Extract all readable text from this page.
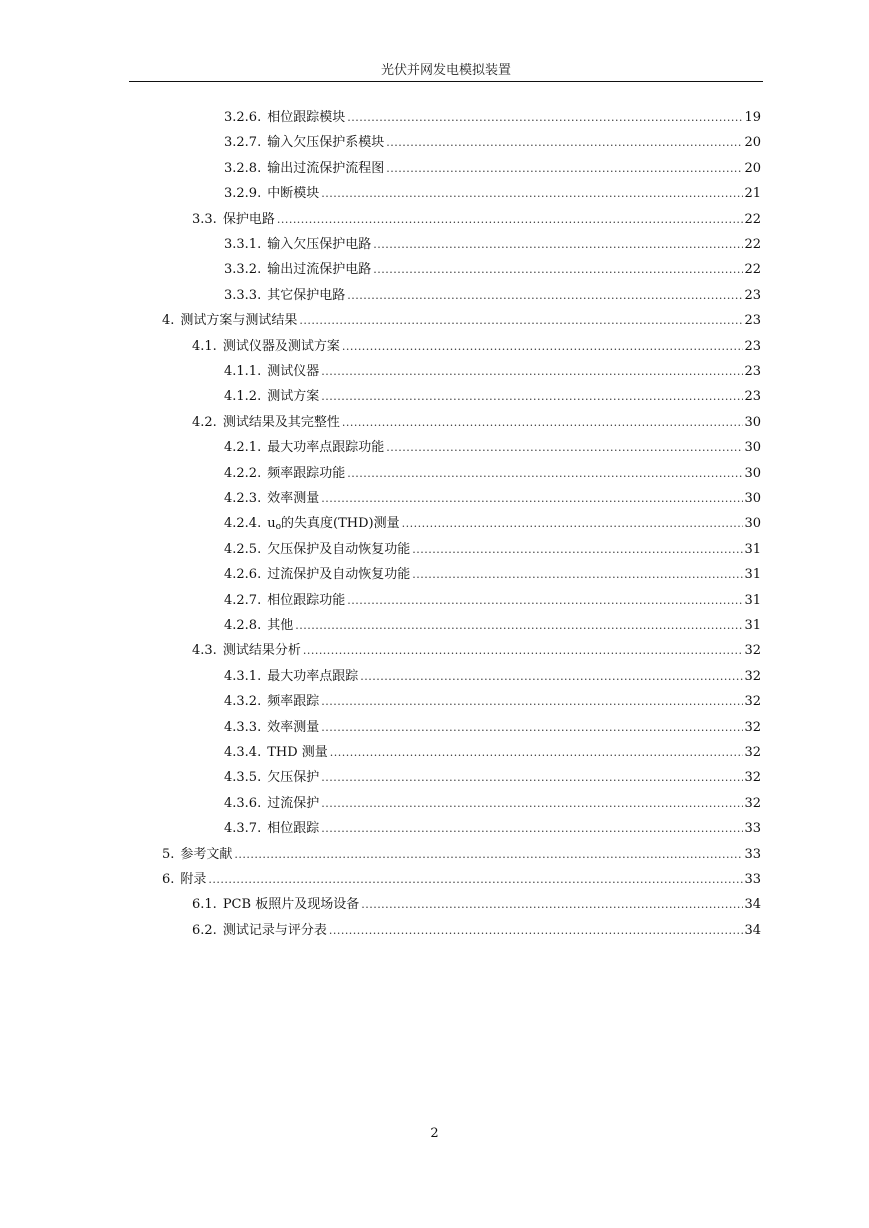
光伏并网发电模拟装置
3.2.6. 相位跟踪模块 .....	19
3.2.7. 输入欠压保护系模块 .....	20
3.2.8. 输出过流保护流程图 .....	20
3.2.9. 中断模块 .....	21
3.3. 保护电路 .....	22
3.3.1. 输入欠压保护电路 .....	22
3.3.2. 输出过流保护电路 .....	22
3.3.3. 其它保护电路 .....	23
4. 测试方案与测试结果 .....	23
4.1. 测试仪器及测试方案 .....	23
4.1.1. 测试仪器 .....	23
4.1.2. 测试方案 .....	23
4.2. 测试结果及其完整性 .....	30
4.2.1. 最大功率点跟踪功能 .....	30
4.2.2. 频率跟踪功能 .....	30
4.2.3. 效率测量 .....	30
4.2.4. $u_o$的失真度(THD)测量 .....	30
4.2.5. 欠压保护及自动恢复功能 .....	31
4.2.6. 过流保护及自动恢复功能 .....	31
4.2.7. 相位跟踪功能 .....	31
4.2.8. 其他 .....	31
4.3. 测试结果分析 .....	32
4.3.1. 最大功率点跟踪 .....	32
4.3.2. 频率跟踪 .....	32
4.3.3. 效率测量 .....	32
4.3.4. THD 测量 .....	32
4.3.5. 欠压保护 .....	32
4.3.6. 过流保护 .....	32
4.3.7. 相位跟踪 .....	33
5. 参考文献 .....	33
6. 附录 .....	33
6.1. PCB 板照片及现场设备 .....	34
6.2. 测试记录与评分表 .....	34
2
